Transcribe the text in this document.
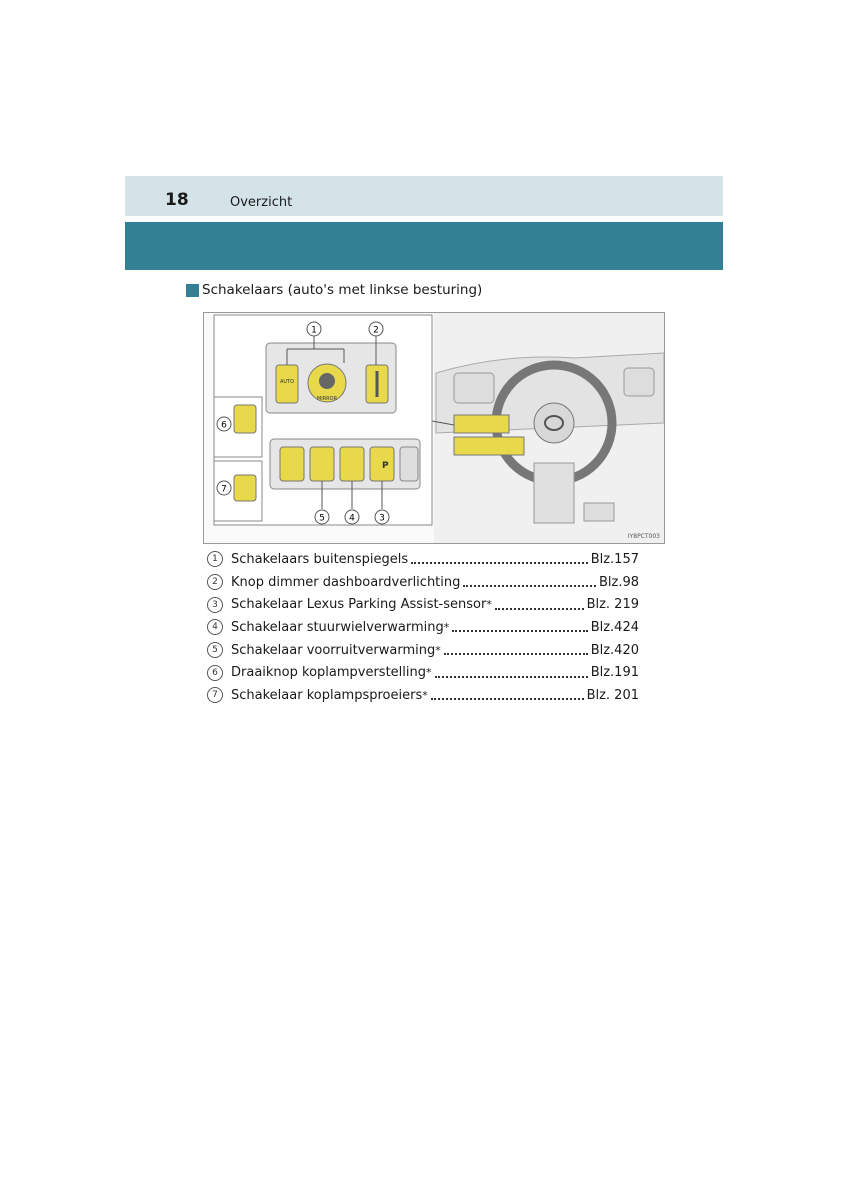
18	Overzicht
Schakelaars (auto's met linkse besturing)
MIRROR
AUTO
P
1	2
5	4	3
6
7
IY8PCT003
1	Schakelaars buitenspiegels	Blz.157
2	Knop dimmer dashboardverlichting	Blz.98
3	Schakelaar Lexus Parking Assist-sensor *	Blz. 219
4	Schakelaar stuurwielverwarming *	Blz.424
5	Schakelaar voorruitverwarming *	Blz.420
6	Draaiknop koplampverstelling *	Blz.191
7	Schakelaar koplampsproeiers *	Blz. 201
